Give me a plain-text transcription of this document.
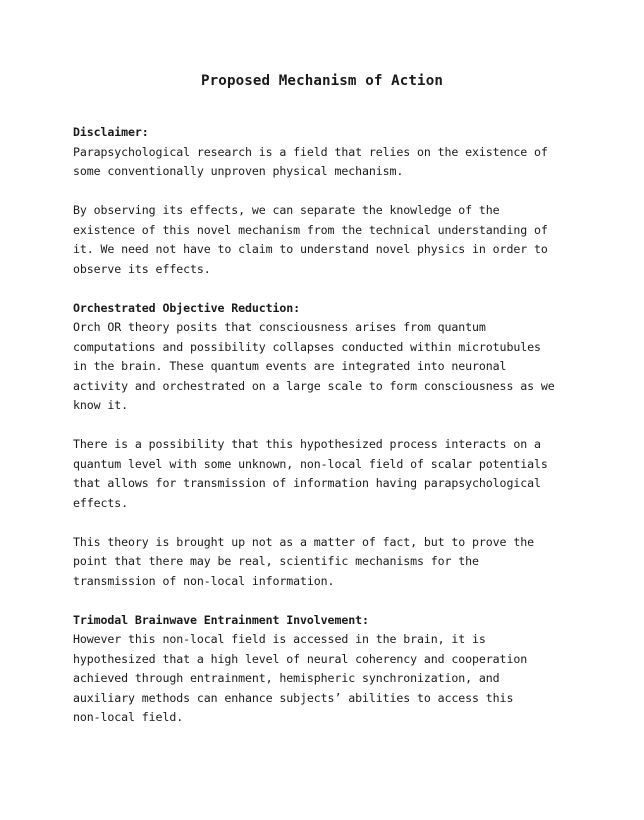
Proposed Mechanism of Action
Disclaimer:

Parapsychological research is a field that relies on the existence of
some conventionally unproven physical mechanism.

By observing its effects, we can separate the knowledge of the
existence of this novel mechanism from the technical understanding of
it. We need not have to claim to understand novel physics in order to
observe its effects.

Orchestrated Objective Reduction:

Orch OR theory posits that consciousness arises from quantum
computations and possibility collapses conducted within microtubules
in the brain. These quantum events are integrated into neuronal
activity and orchestrated on a large scale to form consciousness as we
know it.

There is a possibility that this hypothesized process interacts on a
quantum level with some unknown, non-local field of scalar potentials
that allows for transmission of information having parapsychological
effects.

This theory is brought up not as a matter of fact, but to prove the
point that there may be real, scientific mechanisms for the
transmission of non-local information.

Trimodal Brainwave Entrainment Involvement:

However this non-local field is accessed in the brain, it is
hypothesized that a high level of neural coherency and cooperation
achieved through entrainment, hemispheric synchronization, and
auxiliary methods can enhance subjects’ abilities to access this
non-local field.
